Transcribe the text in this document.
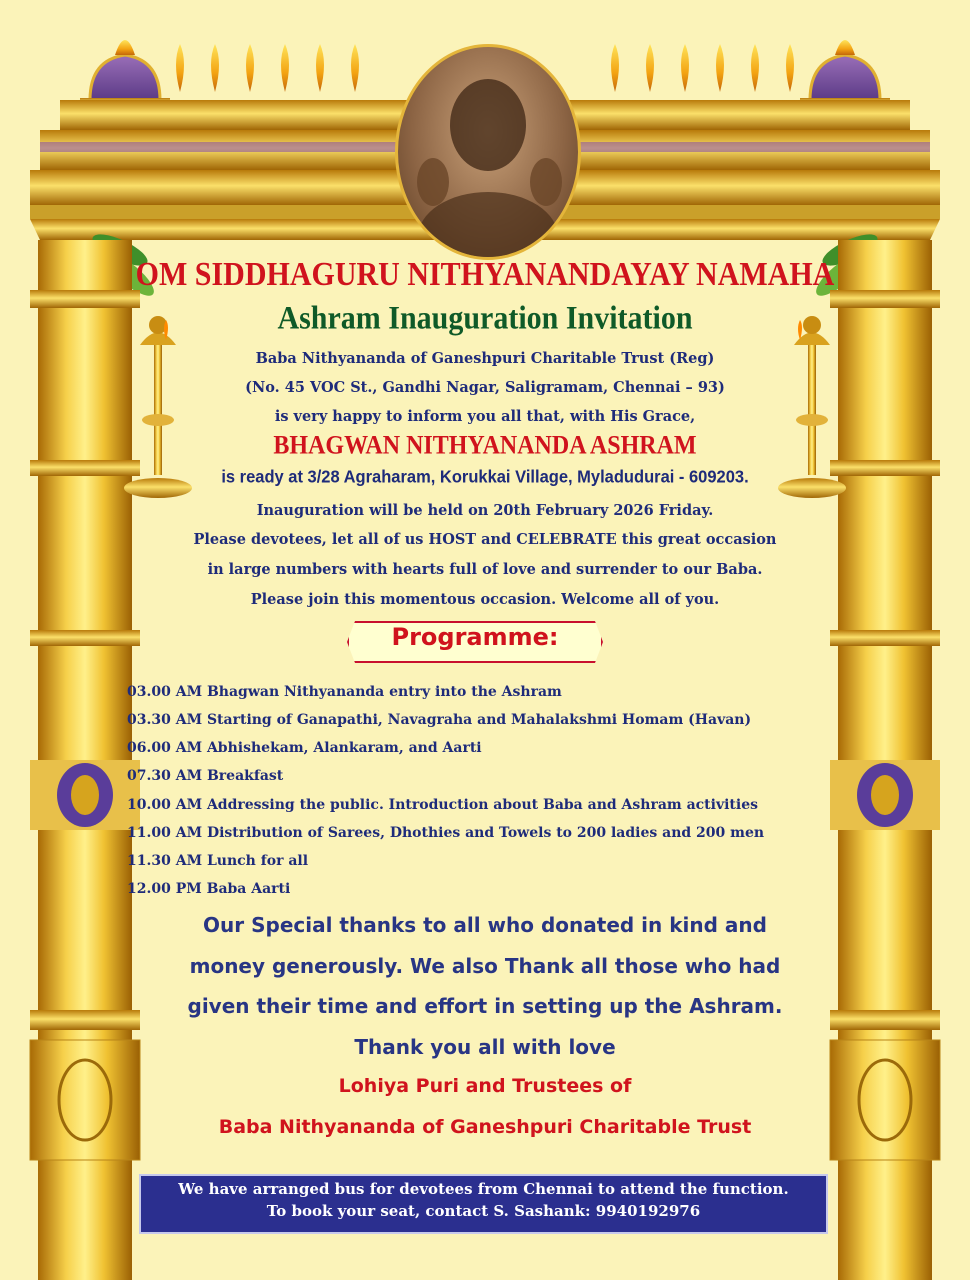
OM SIDDHAGURU NITHYANANDAYAY NAMAHA
Ashram Inauguration Invitation
Baba Nithyananda of Ganeshpuri Charitable Trust (Reg)
(No. 45 VOC St., Gandhi Nagar, Saligramam, Chennai – 93)
is very happy to inform you all that, with His Grace,
BHAGWAN NITHYANANDA ASHRAM
is ready at 3/28 Agraharam, Korukkai Village, Myladudurai - 609203.
Inauguration will be held on 20th February 2026 Friday.
Please devotees, let all of us HOST and CELEBRATE this great occasion
in large numbers with hearts full of love and surrender to our Baba.
Please join this momentous occasion. Welcome all of you.
Programme:
03.00 AM Bhagwan Nithyananda entry into the Ashram
03.30 AM Starting of Ganapathi, Navagraha and Mahalakshmi Homam (Havan)
06.00 AM Abhishekam, Alankaram, and Aarti
07.30 AM Breakfast
10.00 AM Addressing the public. Introduction about Baba and Ashram activities
11.00 AM Distribution of Sarees, Dhothies and Towels to 200 ladies and 200 men
11.30 AM Lunch for all
12.00 PM Baba Aarti
Our Special thanks to all who donated in kind and
money generously. We also Thank all those who had
given their time and effort in setting up the Ashram.
Thank you all with love
Lohiya Puri and Trustees of
Baba Nithyananda of Ganeshpuri Charitable Trust
We have arranged bus for devotees from Chennai to attend the function.
To book your seat, contact S. Sashank: 9940192976
